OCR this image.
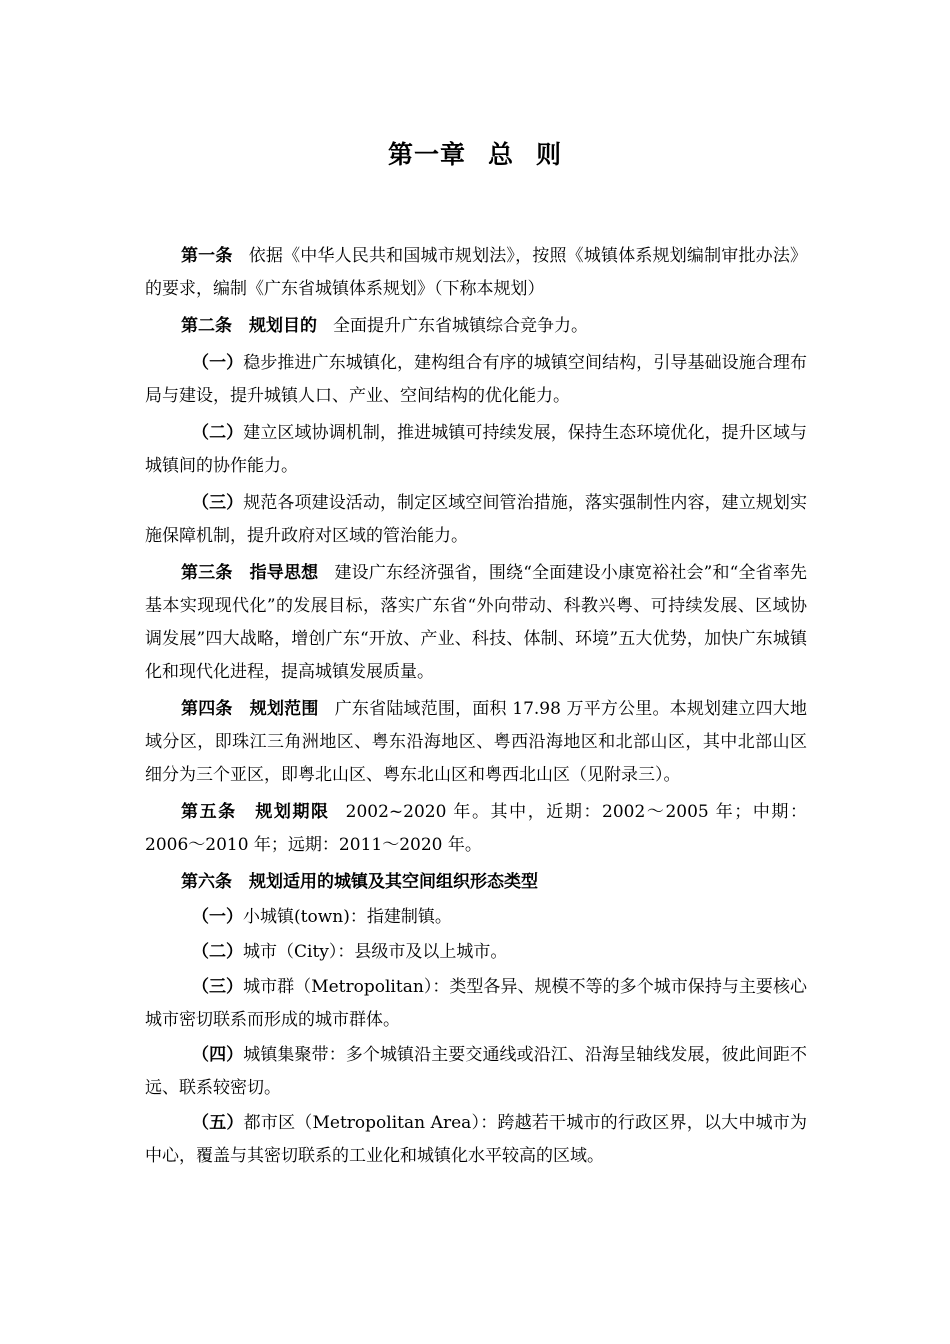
第一章 总 则

第一条 依据《中华人民共和国城市规划法》，按照《城镇体系规划编制审批办法》的要求，编制《广东省城镇体系规划》（下称本规划）

第二条　规划目的 全面提升广东省城镇综合竞争力。

（一）稳步推进广东城镇化，建构组合有序的城镇空间结构，引导基础设施合理布局与建设，提升城镇人口、产业、空间结构的优化能力。

（二）建立区域协调机制，推进城镇可持续发展，保持生态环境优化，提升区域与城镇间的协作能力。

（三）规范各项建设活动，制定区域空间管治措施，落实强制性内容，建立规划实施保障机制，提升政府对区域的管治能力。

第三条　指导思想 建设广东经济强省，围绕“全面建设小康宽裕社会”和“全省率先基本实现现代化”的发展目标，落实广东省“外向带动、科教兴粤、可持续发展、区域协调发展”四大战略，增创广东“开放、产业、科技、体制、环境”五大优势，加快广东城镇化和现代化进程，提高城镇发展质量。

第四条　规划范围 广东省陆域范围，面积 17.98 万平方公里。本规划建立四大地域分区，即珠江三角洲地区、粤东沿海地区、粤西沿海地区和北部山区，其中北部山区细分为三个亚区，即粤北山区、粤东北山区和粤西北山区（见附录三）。

第五条　规划期限 2002~2020 年。其中，近期：2002～2005 年；中期：2006～2010 年；远期：2011～2020 年。

第六条　规划适用的城镇及其空间组织形态类型

（一）小城镇(town)：指建制镇。

（二）城市（City）：县级市及以上城市。

（三）城市群（Metropolitan）：类型各异、规模不等的多个城市保持与主要核心城市密切联系而形成的城市群体。

（四）城镇集聚带：多个城镇沿主要交通线或沿江、沿海呈轴线发展，彼此间距不远、联系较密切。

（五）都市区（Metropolitan Area）：跨越若干城市的行政区界，以大中城市为中心，覆盖与其密切联系的工业化和城镇化水平较高的区域。
